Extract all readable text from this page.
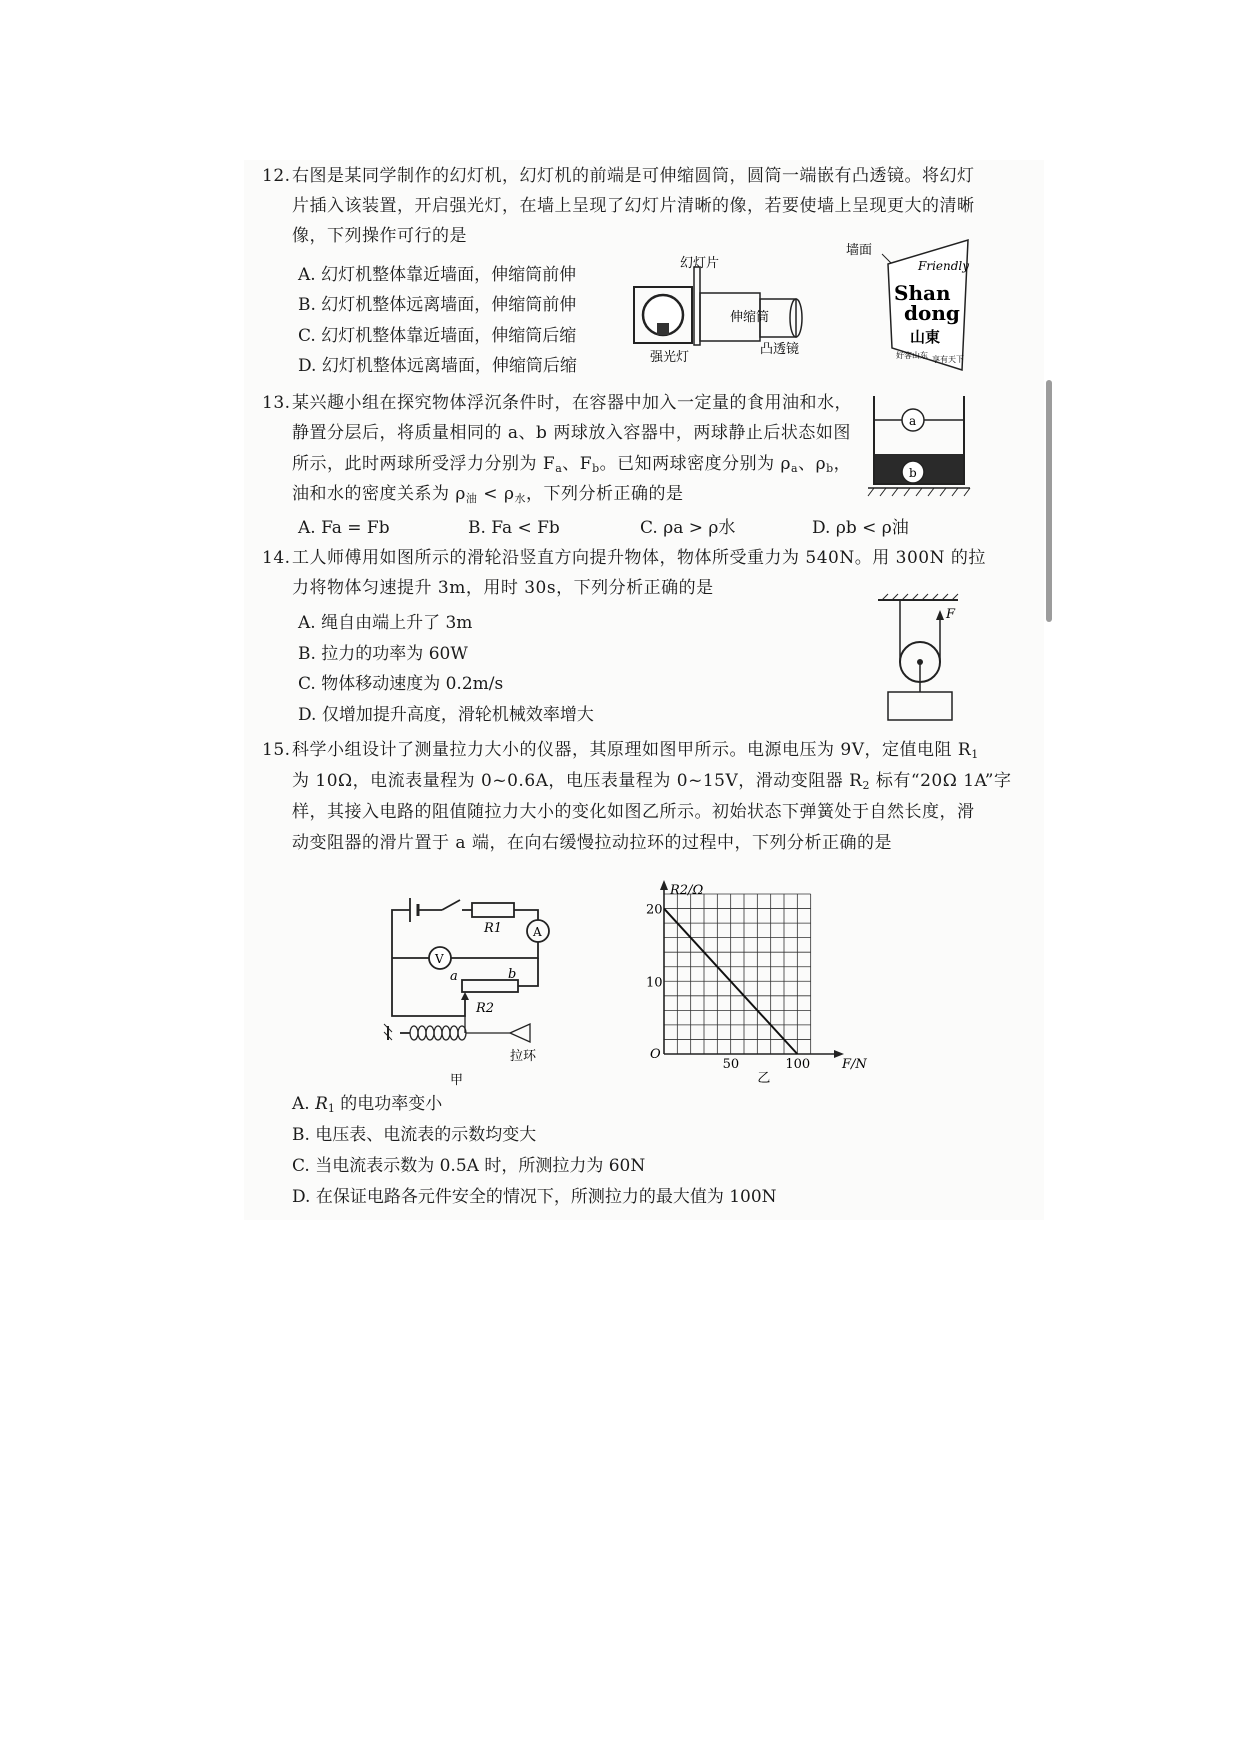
12. 右图是某同学制作的幻灯机，幻灯机的前端是可伸缩圆筒，圆筒一端嵌有凸透镜。将幻灯
片插入该装置，开启强光灯，在墙上呈现了幻灯片清晰的像，若要使墙上呈现更大的清晰
像，下列操作可行的是
A. 幻灯机整体靠近墙面，伸缩筒前伸
B. 幻灯机整体远离墙面，伸缩筒前伸
C. 幻灯机整体靠近墙面，伸缩筒后缩
D. 幻灯机整体远离墙面，伸缩筒后缩
幻灯片
伸缩筒
强光灯
凸透镜
墙面
Friendly
Shan
dong
山東
好客山东 享有天下
13. 某兴趣小组在探究物体浮沉条件时，在容器中加入一定量的食用油和水，
静置分层后，将质量相同的 a、b 两球放入容器中，两球静止后状态如图
所示，此时两球所受浮力分别为 $F_a$、$F_b$。已知两球密度分别为 $\rho_a$、$\rho_b$，
油和水的密度关系为 $\rho_油 < \rho_水$，下列分析正确的是
A. Fa = Fb	B. Fa < Fb	C. ρa > ρ水	D. ρb < ρ油
a
b
14. 工人师傅用如图所示的滑轮沿竖直方向提升物体，物体所受重力为 540N。用 300N 的拉
力将物体匀速提升 3m，用时 30s，下列分析正确的是
A. 绳自由端上升了 3m
B. 拉力的功率为 60W
C. 物体移动速度为 0.2m/s
D. 仅增加提升高度，滑轮机械效率增大
F
15. 科学小组设计了测量拉力大小的仪器，其原理如图甲所示。电源电压为 9V，定值电阻 $R_1$
为 10Ω，电流表量程为 0~0.6A，电压表量程为 0~15V，滑动变阻器 $R_2$ 标有“20Ω 1A”字
样，其接入电路的阻值随拉力大小的变化如图乙所示。初始状态下弹簧处于自然长度，滑
动变阻器的滑片置于 a 端，在向右缓慢拉动拉环的过程中，下列分析正确的是
R1	A
V
a	b
R2
拉环
甲
R2/Ω
F/N
O
10
20
50	100
乙
A. $R_1$ 的电功率变小
B. 电压表、电流表的示数均变大
C. 当电流表示数为 0.5A 时，所测拉力为 60N
D. 在保证电路各元件安全的情况下，所测拉力的最大值为 100N
